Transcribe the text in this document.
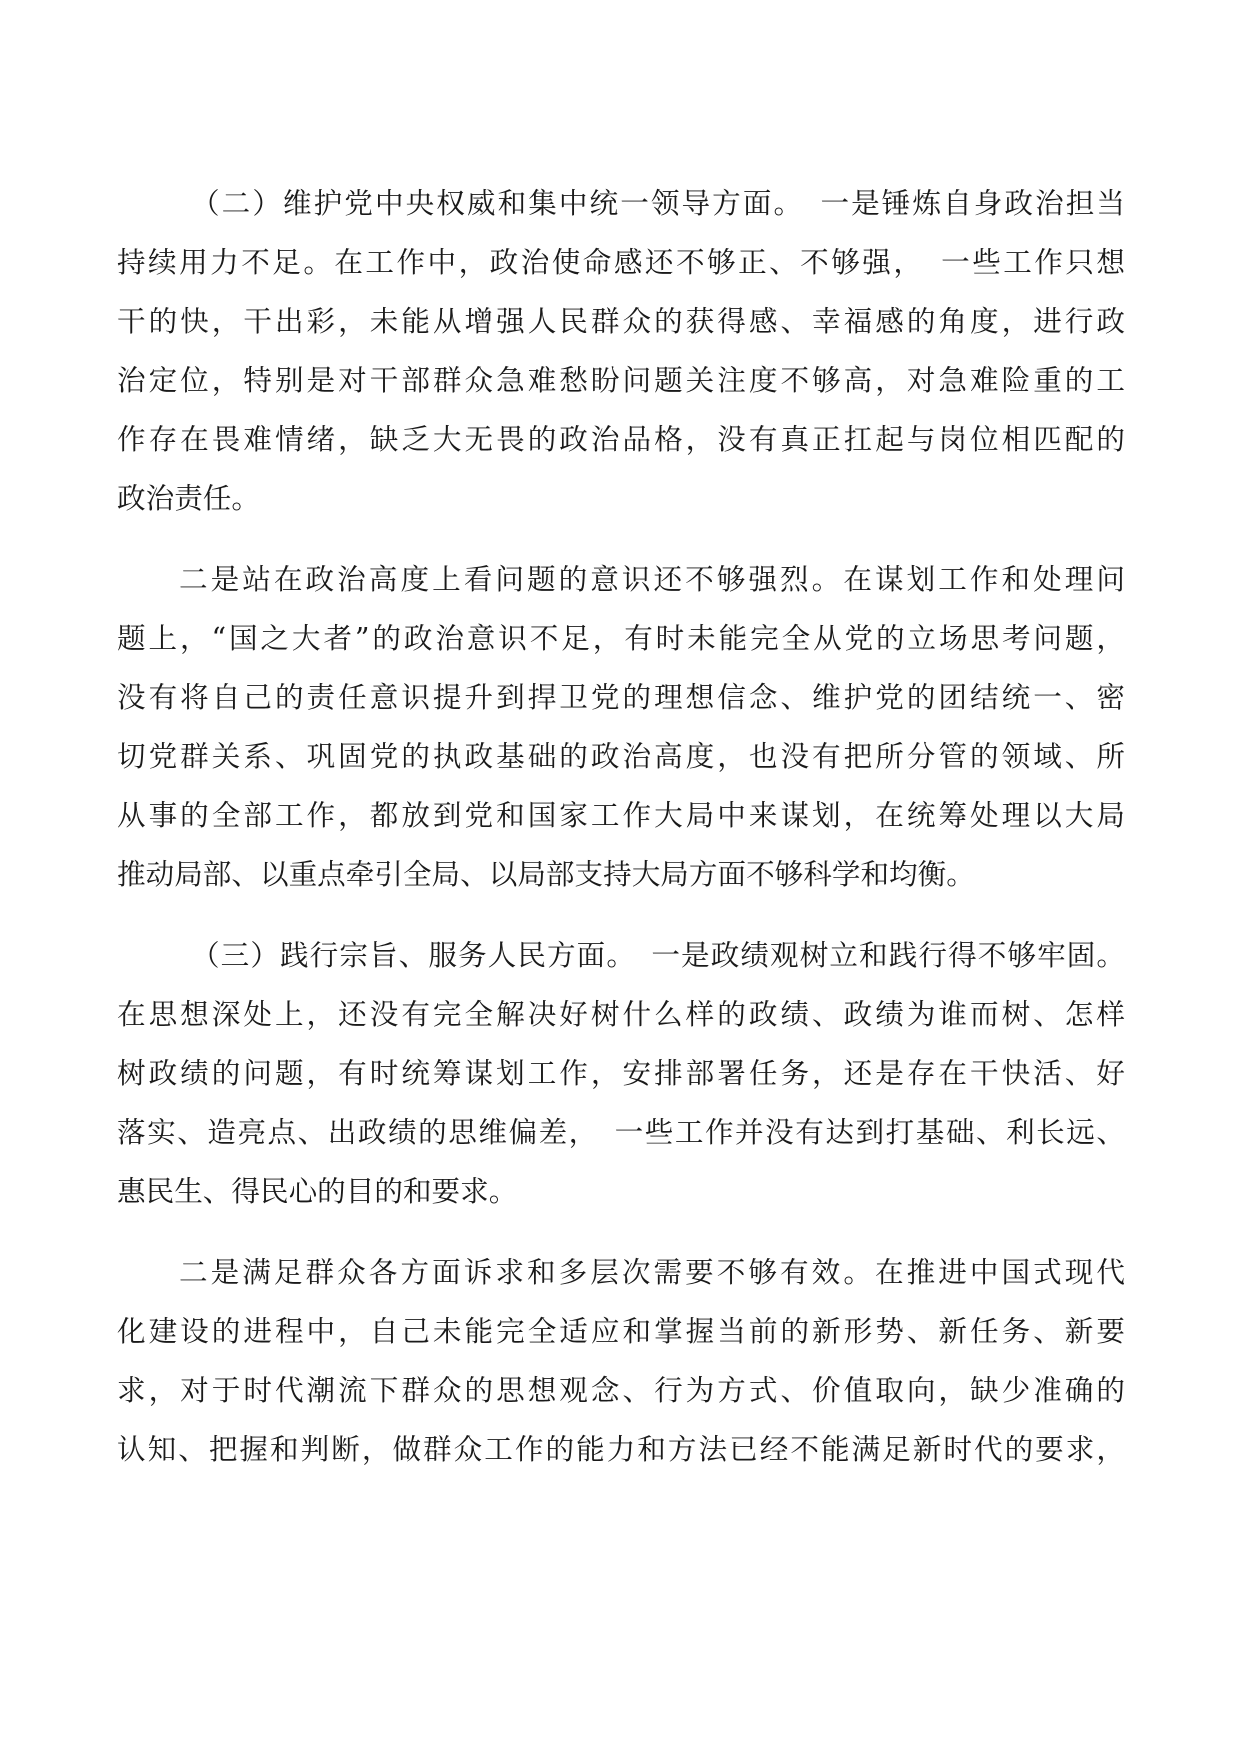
（二）维护党中央权威和集中统一领导方面。　一是锤炼自身政治担当
持续用力不足。在工作中，政治使命感还不够正、不够强，　一些工作只想
干的快，干出彩，未能从增强人民群众的获得感、幸福感的角度，进行政
治定位，特别是对干部群众急难愁盼问题关注度不够高，对急难险重的工
作存在畏难情绪，缺乏大无畏的政治品格，没有真正扛起与岗位相匹配的
政治责任。
二是站在政治高度上看问题的意识还不够强烈。在谋划工作和处理问
题上，“国之大者”的政治意识不足，有时未能完全从党的立场思考问题，
没有将自己的责任意识提升到捍卫党的理想信念、维护党的团结统一、密
切党群关系、巩固党的执政基础的政治高度，也没有把所分管的领域、所
从事的全部工作，都放到党和国家工作大局中来谋划，在统筹处理以大局
推动局部、以重点牵引全局、以局部支持大局方面不够科学和均衡。
（三）践行宗旨、服务人民方面。　一是政绩观树立和践行得不够牢固。
在思想深处上，还没有完全解决好树什么样的政绩、政绩为谁而树、怎样
树政绩的问题，有时统筹谋划工作，安排部署任务，还是存在干快活、好
落实、造亮点、出政绩的思维偏差，　一些工作并没有达到打基础、利长远、
惠民生、得民心的目的和要求。
二是满足群众各方面诉求和多层次需要不够有效。在推进中国式现代
化建设的进程中，自己未能完全适应和掌握当前的新形势、新任务、新要
求，对于时代潮流下群众的思想观念、行为方式、价值取向，缺少准确的
认知、把握和判断，做群众工作的能力和方法已经不能满足新时代的要求，
